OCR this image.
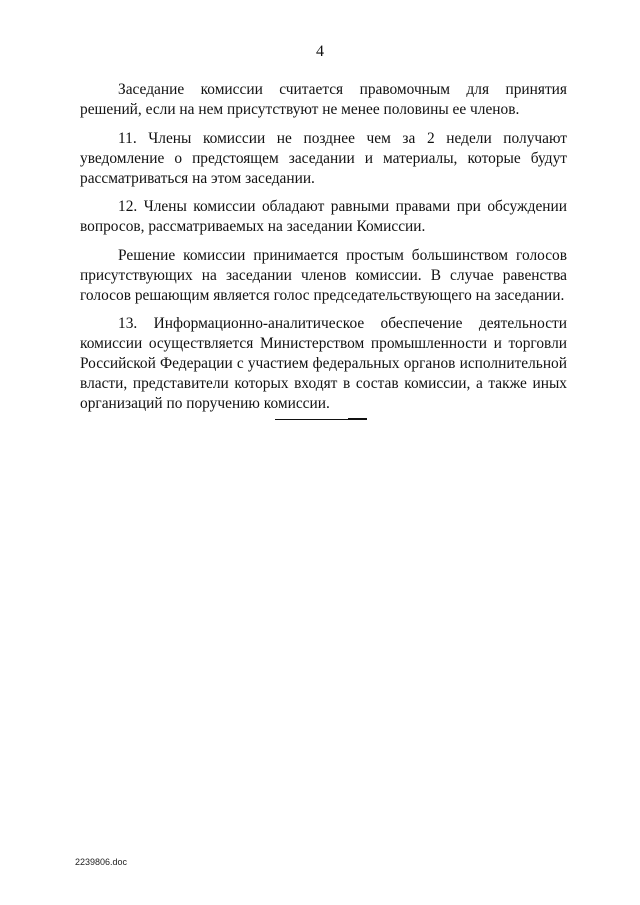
4

Заседание комиссии считается правомочным для принятия решений, если на нем присутствуют не менее половины ее членов.

11. Члены комиссии не позднее чем за 2 недели получают уведомление о предстоящем заседании и материалы, которые будут рассматриваться на этом заседании.

12. Члены комиссии обладают равными правами при обсуждении вопросов, рассматриваемых на заседании Комиссии.

Решение комиссии принимается простым большинством голосов присутствующих на заседании членов комиссии. В случае равенства голосов решающим является голос председательствующего на заседании.

13. Информационно-аналитическое обеспечение деятельности комиссии осуществляется Министерством промышленности и торговли Российской Федерации с участием федеральных органов исполнительной власти, представители которых входят в состав комиссии, а также иных организаций по поручению комиссии.

2239806.doc
